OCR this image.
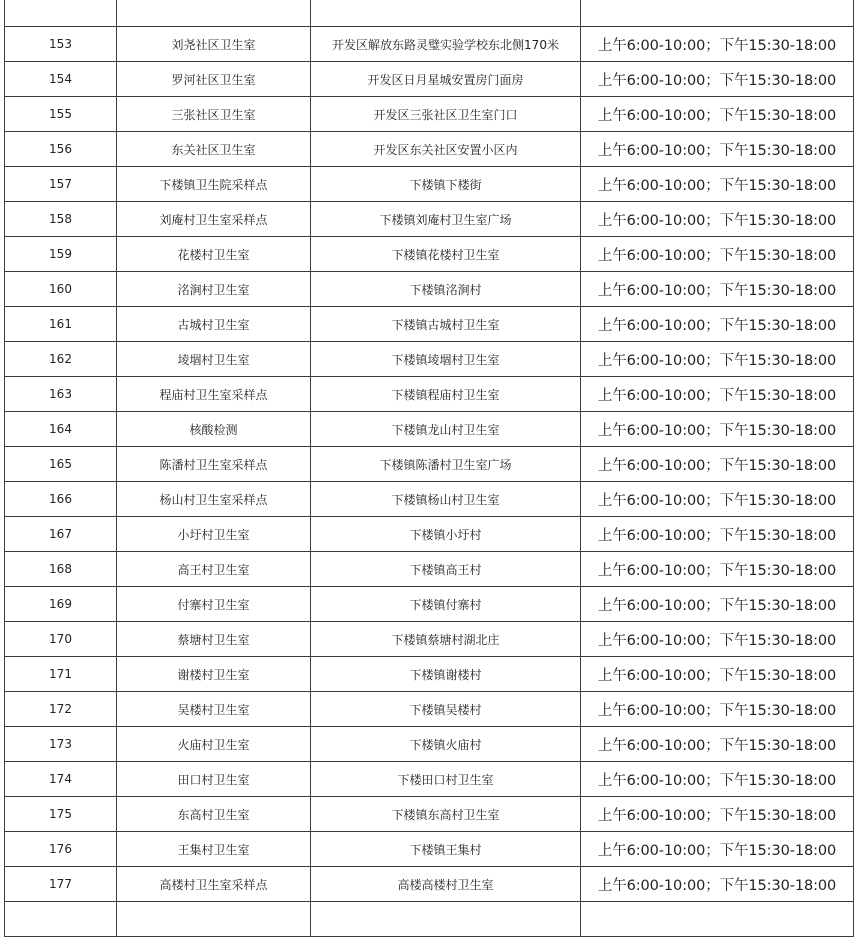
153	刘尧社区卫生室	开发区解放东路灵璧实验学校东北侧170米	上午6:00-10:00；下午15:30-18:00
154	罗河社区卫生室	开发区日月星城安置房门面房	上午6:00-10:00；下午15:30-18:00
155	三张社区卫生室	开发区三张社区卫生室门口	上午6:00-10:00；下午15:30-18:00
156	东关社区卫生室	开发区东关社区安置小区内	上午6:00-10:00；下午15:30-18:00
157	下楼镇卫生院采样点	下楼镇下楼街	上午6:00-10:00；下午15:30-18:00
158	刘庵村卫生室采样点	下楼镇刘庵村卫生室广场	上午6:00-10:00；下午15:30-18:00
159	花楼村卫生室	下楼镇花楼村卫生室	上午6:00-10:00；下午15:30-18:00
160	洺涧村卫生室	下楼镇洺涧村	上午6:00-10:00；下午15:30-18:00
161	古城村卫生室	下楼镇古城村卫生室	上午6:00-10:00；下午15:30-18:00
162	堎堌村卫生室	下楼镇堎堌村卫生室	上午6:00-10:00；下午15:30-18:00
163	程庙村卫生室采样点	下楼镇程庙村卫生室	上午6:00-10:00；下午15:30-18:00
164	核酸检测	下楼镇龙山村卫生室	上午6:00-10:00；下午15:30-18:00
165	陈潘村卫生室采样点	下楼镇陈潘村卫生室广场	上午6:00-10:00；下午15:30-18:00
166	杨山村卫生室采样点	下楼镇杨山村卫生室	上午6:00-10:00；下午15:30-18:00
167	小圩村卫生室	下楼镇小圩村	上午6:00-10:00；下午15:30-18:00
168	高王村卫生室	下楼镇高王村	上午6:00-10:00；下午15:30-18:00
169	付寨村卫生室	下楼镇付寨村	上午6:00-10:00；下午15:30-18:00
170	蔡塘村卫生室	下楼镇蔡塘村湖北庄	上午6:00-10:00；下午15:30-18:00
171	谢楼村卫生室	下楼镇谢楼村	上午6:00-10:00；下午15:30-18:00
172	吴楼村卫生室	下楼镇吴楼村	上午6:00-10:00；下午15:30-18:00
173	火庙村卫生室	下楼镇火庙村	上午6:00-10:00；下午15:30-18:00
174	田口村卫生室	下楼田口村卫生室	上午6:00-10:00；下午15:30-18:00
175	东高村卫生室	下楼镇东高村卫生室	上午6:00-10:00；下午15:30-18:00
176	王集村卫生室	下楼镇王集村	上午6:00-10:00；下午15:30-18:00
177	高楼村卫生室采样点	高楼高楼村卫生室	上午6:00-10:00；下午15:30-18:00
